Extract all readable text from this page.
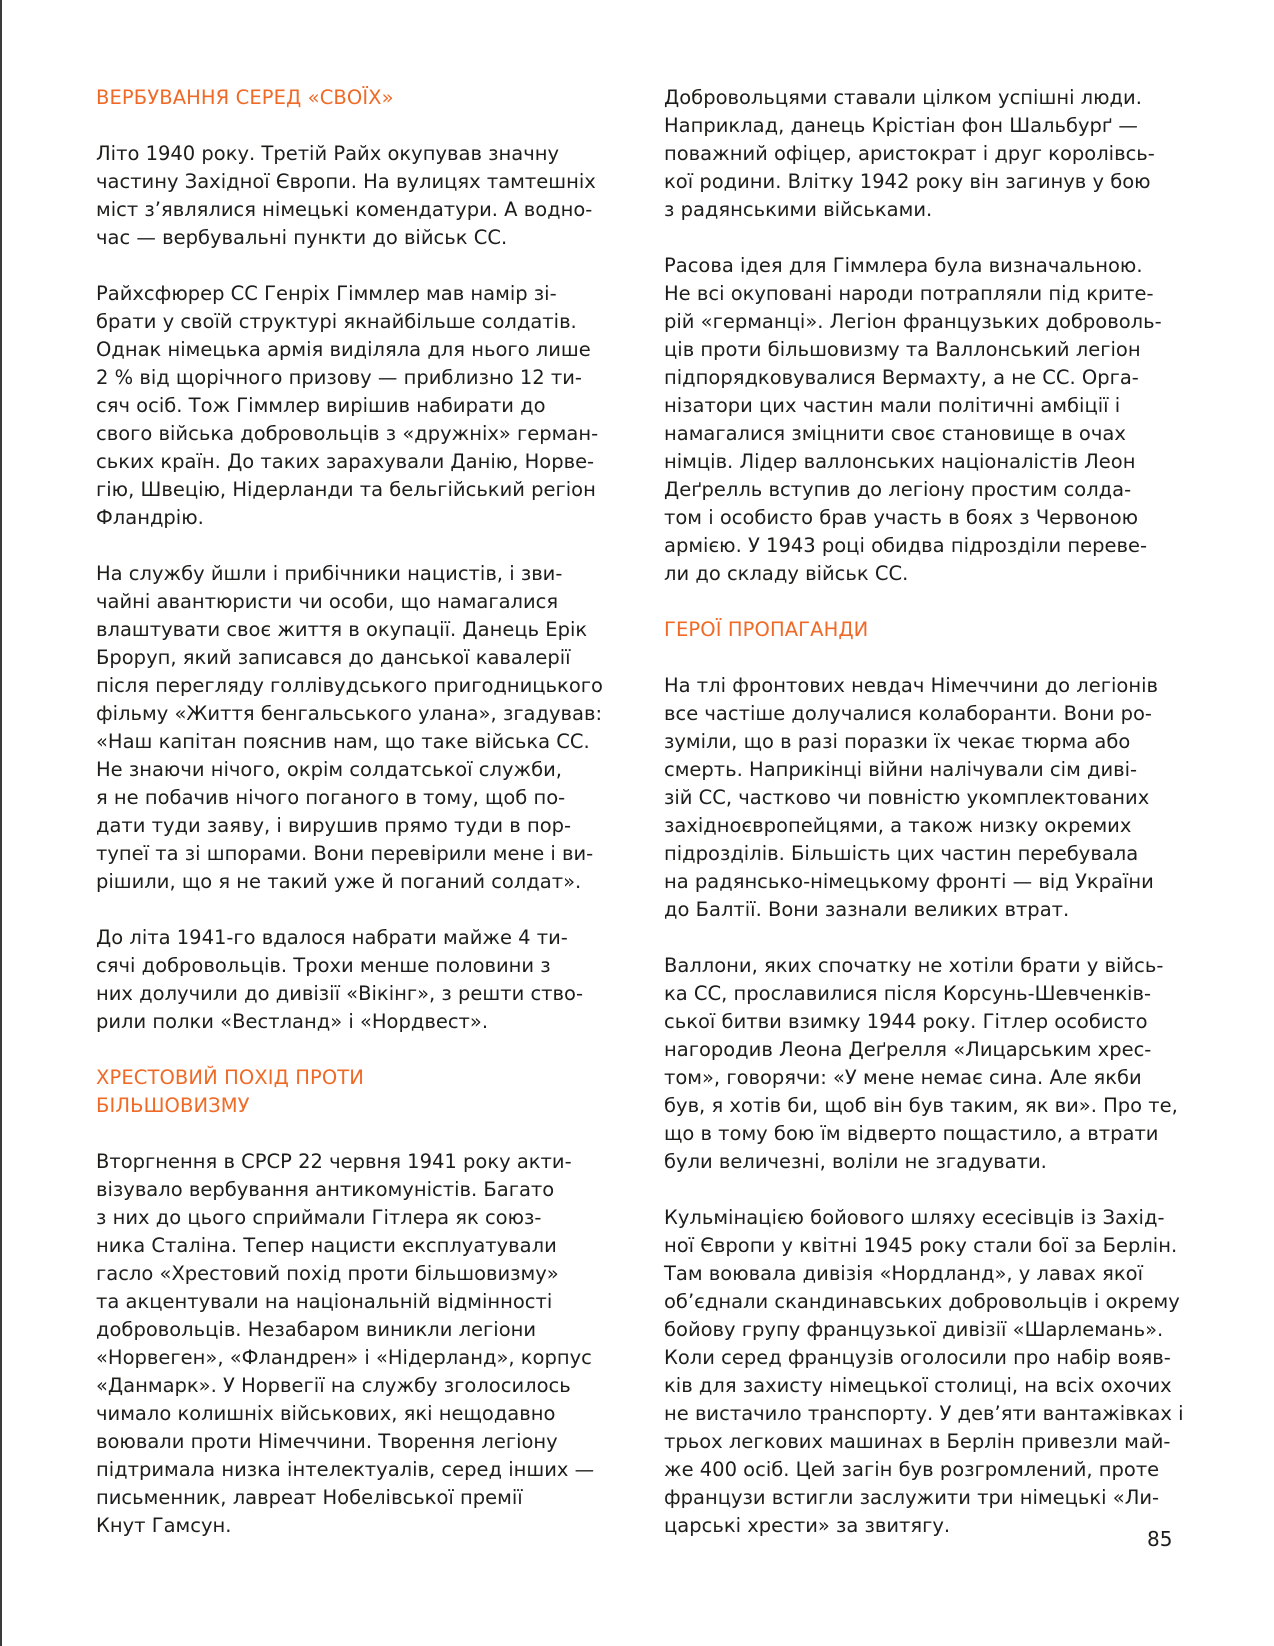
ВЕРБУВАННЯ СЕРЕД «СВОЇХ»

Літо 1940 року. Третій Райх окупував значну
частину Західної Європи. На вулицях тамтешніх
міст з’являлися німецькі комендатури. А водно-
час — вербувальні пункти до військ СС.

Райхсфюрер СС Генріх Гіммлер мав намір зі-
брати у своїй структурі якнайбільше солдатів.
Однак німецька армія виділяла для нього лише
2 % від щорічного призову — приблизно 12 ти-
сяч осіб. Тож Гіммлер вирішив набирати до
свого війська добровольців з «дружніх» герман-
ських країн. До таких зарахували Данію, Норве-
гію, Швецію, Нідерланди та бельгійський регіон
Фландрію.

На службу йшли і прибічники нацистів, і зви-
чайні авантюристи чи особи, що намагалися
влаштувати своє життя в окупації. Данець Ерік
Броруп, який записався до данської кавалерії
після перегляду голлівудського пригодницького
фільму «Життя бенгальського улана», згадував:
«Наш капітан пояснив нам, що таке війська СС.
Не знаючи нічого, окрім солдатської служби,
я не побачив нічого поганого в тому, щоб по-
дати туди заяву, і вирушив прямо туди в пор-
тупеї та зі шпорами. Вони перевірили мене і ви-
рішили, що я не такий уже й поганий солдат».

До літа 1941-го вдалося набрати майже 4 ти-
сячі добровольців. Трохи менше половини з
них долучили до дивізії «Вікінг», з решти ство-
рили полки «Вестланд» і «Нордвест».

ХРЕСТОВИЙ ПОХІД ПРОТИ
БІЛЬШОВИЗМУ

Вторгнення в СРСР 22 червня 1941 року акти-
візувало вербування антикомуністів. Багато
з них до цього сприймали Гітлера як союз-
ника Сталіна. Тепер нацисти експлуатували
гасло «Хрестовий похід проти більшовизму»
та акцентували на національній відмінності
добровольців. Незабаром виникли легіони
«Норвеген», «Фландрен» і «Нідерланд», корпус
«Данмарк». У Норвегії на службу зголосилось
чимало колишніх військових, які нещодавно
воювали проти Німеччини. Творення легіону
підтримала низка інтелектуалів, серед інших —
письменник, лавреат Нобелівської премії
Кнут Гамсун.

Добровольцями ставали цілком успішні люди.
Наприклад, данець Крістіан фон Шальбурґ —
поважний офіцер, аристократ і друг королівсь-
кої родини. Влітку 1942 року він загинув у бою
з радянськими військами.

Расова ідея для Гіммлера була визначальною.
Не всі окуповані народи потрапляли під крите-
рій «германці». Легіон французьких доброволь-
ців проти більшовизму та Валлонський легіон
підпорядковувалися Вермахту, а не СС. Орга-
нізатори цих частин мали політичні амбіції і
намагалися зміцнити своє становище в очах
німців. Лідер валлонських націоналістів Леон
Деґрелль вступив до легіону простим солда-
том і особисто брав участь в боях з Червоною
армією. У 1943 році обидва підрозділи переве-
ли до складу військ СС.

ГЕРОЇ ПРОПАГАНДИ

На тлі фронтових невдач Німеччини до легіонів
все частіше долучалися колаборанти. Вони ро-
зуміли, що в разі поразки їх чекає тюрма або
смерть. Наприкінці війни налічували сім диві-
зій СС, частково чи повністю укомплектованих
західноєвропейцями, а також низку окремих
підрозділів. Більшість цих частин перебувала
на радянсько-німецькому фронті — від України
до Балтії. Вони зазнали великих втрат.

Валлони, яких спочатку не хотіли брати у війсь-
ка СС, прославилися після Корсунь-Шевченків-
ської битви взимку 1944 року. Гітлер особисто
нагородив Леона Деґрелля «Лицарським хрес-
том», говорячи: «У мене немає сина. Але якби
був, я хотів би, щоб він був таким, як ви». Про те,
що в тому бою їм відверто пощастило, а втрати
були величезні, воліли не згадувати.

Кульмінацією бойового шляху есесівців із Захід-
ної Європи у квітні 1945 року стали бої за Берлін.
Там воювала дивізія «Нордланд», у лавах якої
об’єднали скандинавських добровольців і окрему
бойову групу французької дивізії «Шарлемань».
Коли серед французів оголосили про набір вояв-
ків для захисту німецької столиці, на всіх охочих
не вистачило транспорту. У дев’яти вантажівках і
трьох легкових машинах в Берлін привезли май-
же 400 осіб. Цей загін був розгромлений, проте
французи встигли заслужити три німецькі «Ли-
царські хрести» за звитягу.

85
